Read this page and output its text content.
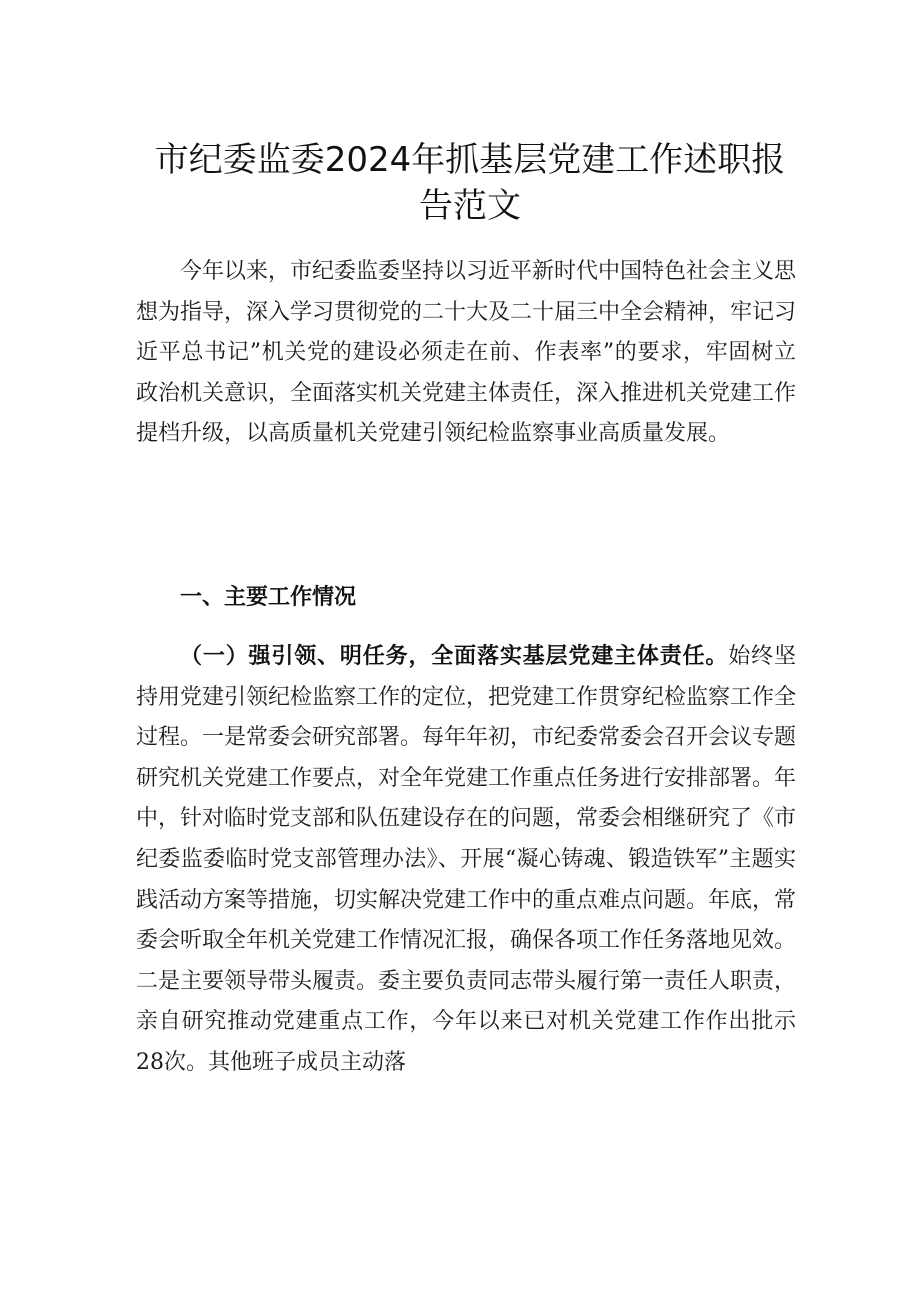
市纪委监委2024年抓基层党建工作述职报
告范文

今年以来，市纪委监委坚持以习近平新时代中国特色社会主义思想为指导，深入学习贯彻党的二十大及二十届三中全会精神，牢记习近平总书记”机关党的建设必须走在前、作表率”的要求，牢固树立政治机关意识，全面落实机关党建主体责任，深入推进机关党建工作提档升级，以高质量机关党建引领纪检监察事业高质量发展。

一、主要工作情况

（一）强引领、明任务，全面落实基层党建主体责任。始终坚持用党建引领纪检监察工作的定位，把党建工作贯穿纪检监察工作全过程。一是常委会研究部署。每年年初，市纪委常委会召开会议专题研究机关党建工作要点，对全年党建工作重点任务进行安排部署。年中，针对临时党支部和队伍建设存在的问题，常委会相继研究了《市纪委监委临时党支部管理办法》、开展“凝心铸魂、锻造铁军”主题实践活动方案等措施，切实解决党建工作中的重点难点问题。年底，常委会听取全年机关党建工作情况汇报，确保各项工作任务落地见效。二是主要领导带头履责。委主要负责同志带头履行第一责任人职责，亲自研究推动党建重点工作，今年以来已对机关党建工作作出批示28次。其他班子成员主动落
